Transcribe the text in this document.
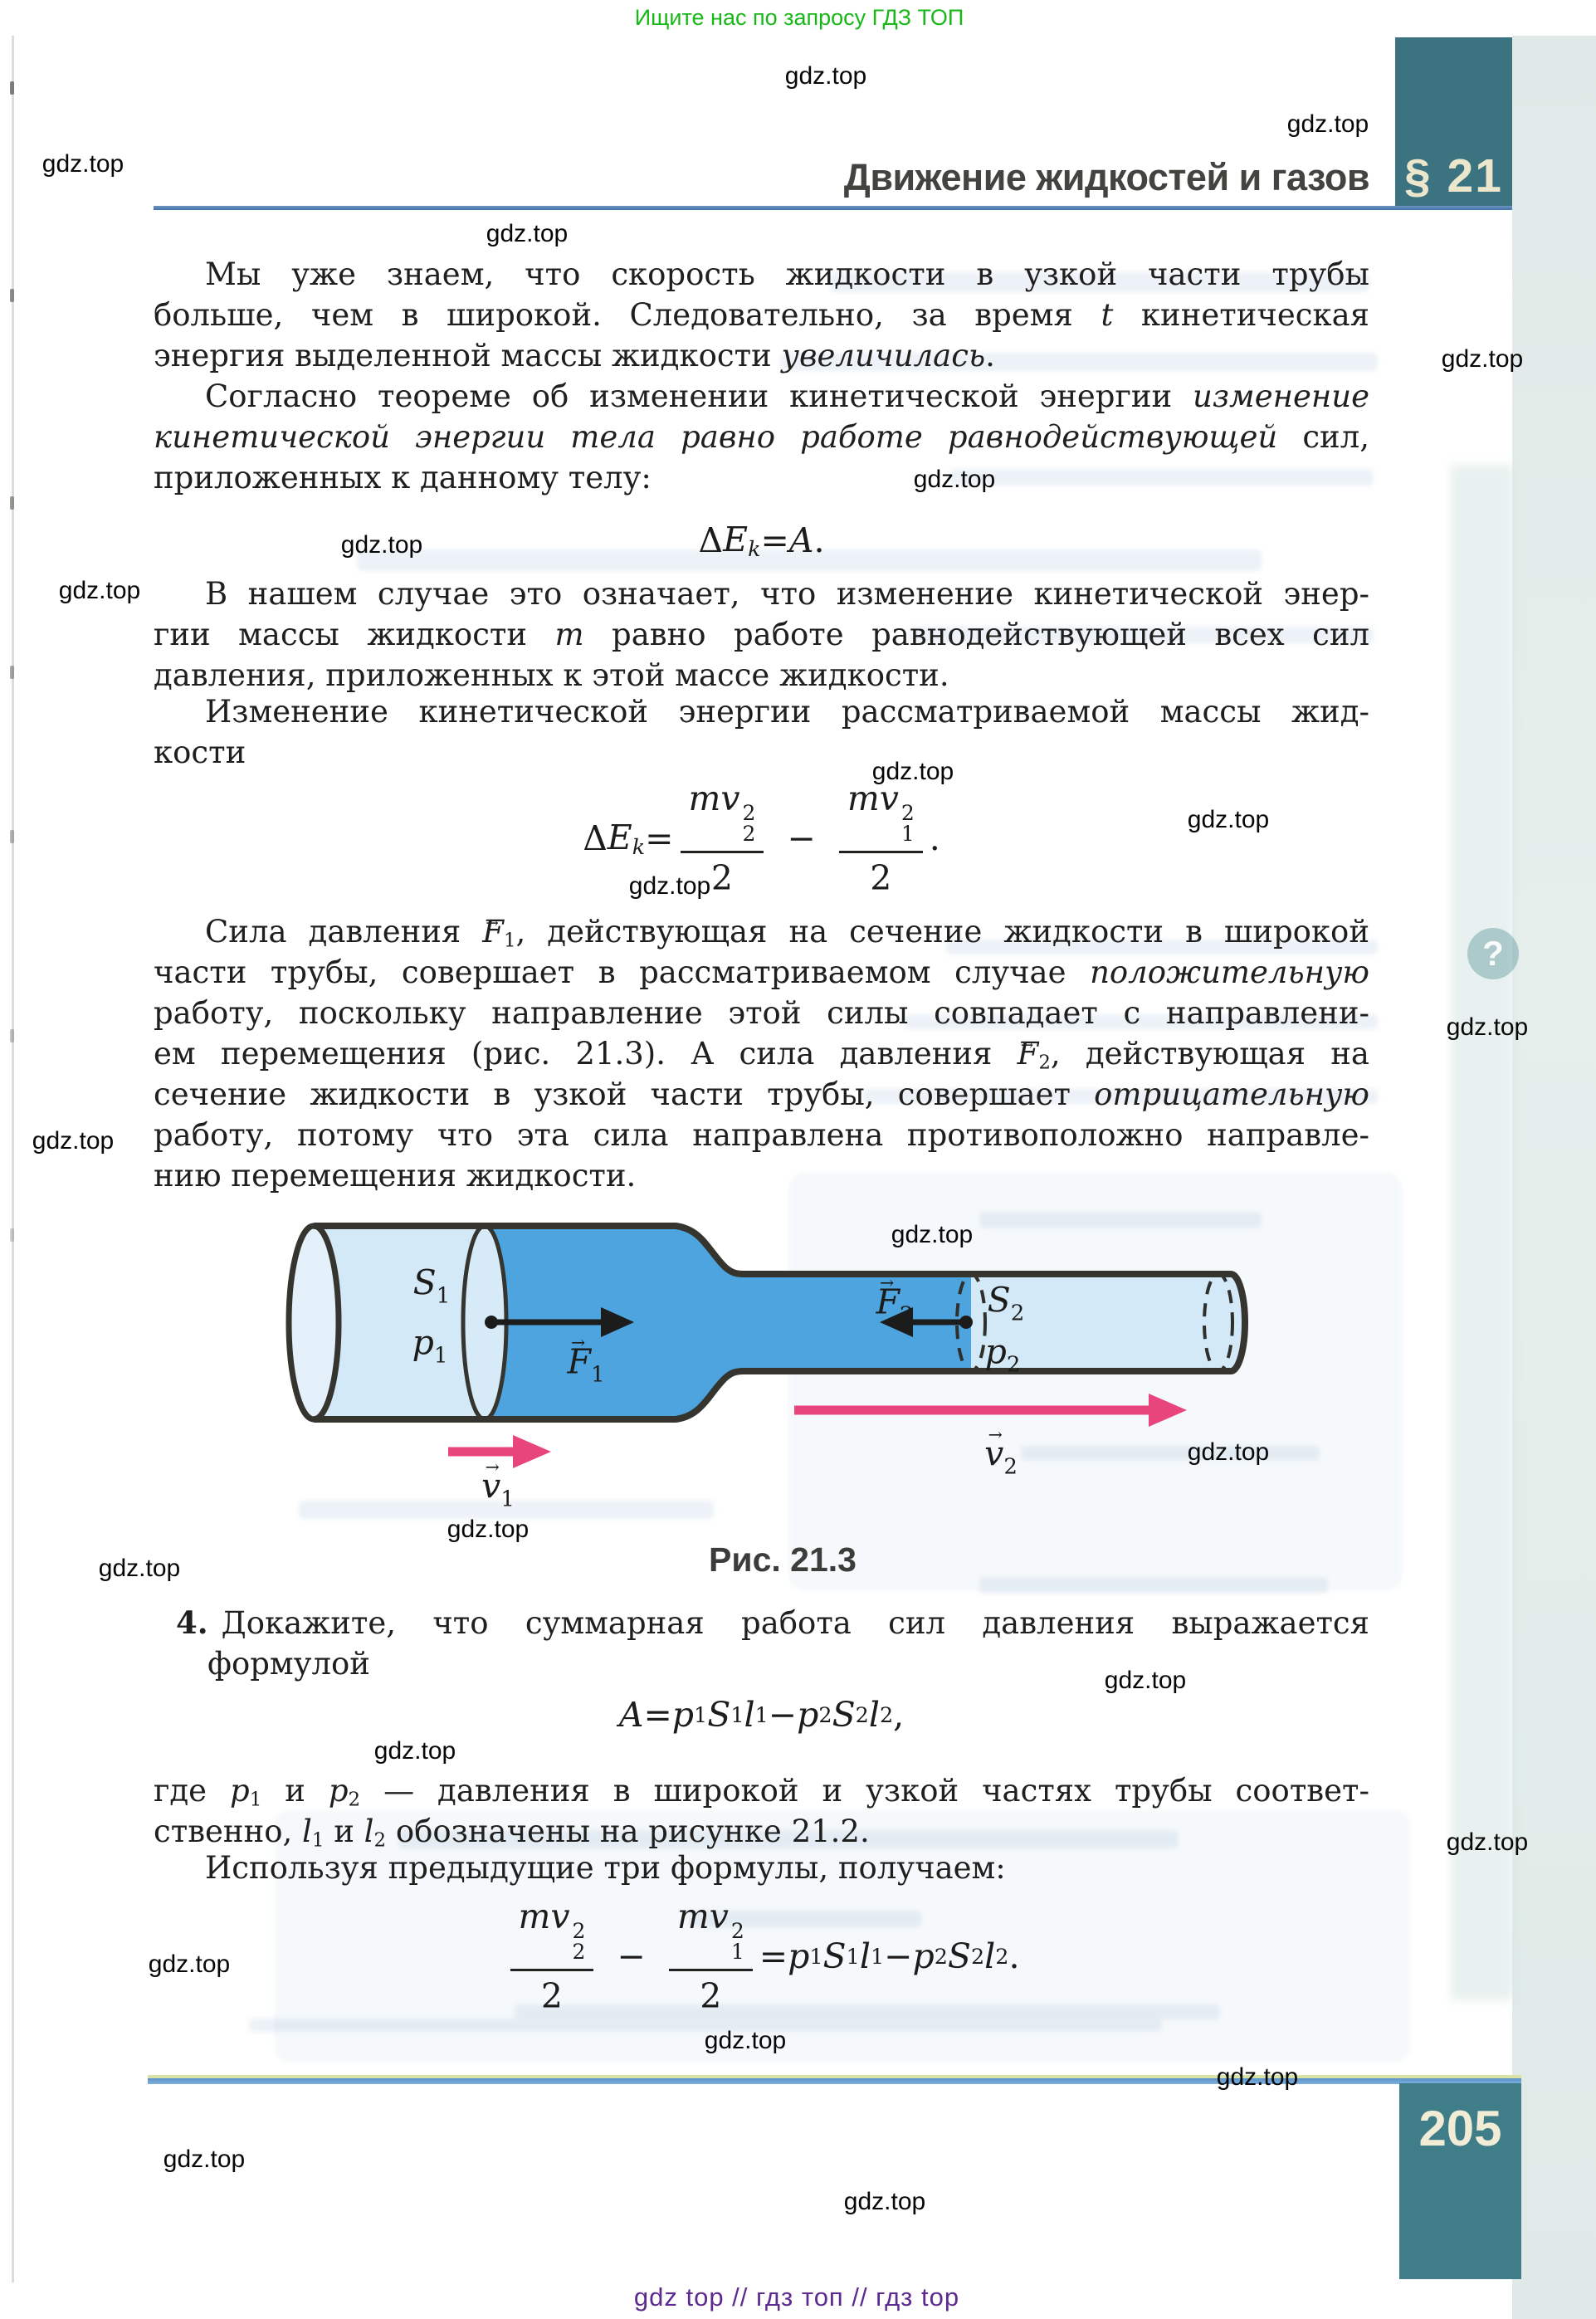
Ищите нас по запросу ГДЗ ТОП
Движение жидкостей и газов § 21
Мы уже знаем, что скорость жидкости в узкой части трубы
больше, чем в широкой. Следовательно, за время t кинетическая
энергия выделенной массы жидкости увеличилась.
Согласно теореме об изменении кинетической энергии изменение
кинетической энергии тела равно работе равнодействующей сил,
приложенных к данному телу:
Δ $E_k = A$ .
В нашем случае это означает, что изменение кинетической энер-
гии массы жидкости m равно работе равнодействующей всех сил
давления, приложенных к этой массе жидкости.
Изменение кинетической энергии рассматриваемой массы жид-
кости
Δ $E_k$ = mv 2
2
2 − mv 2
1
2 .
Сила давления $F \to_1$, действующая на сечение жидкости в широкой
части трубы, совершает в рассматриваемом случае положительную
работу, поскольку направление этой силы совпадает с направлени-
ем перемещения (рис. 21.3). А сила давления $F \to_2$, действующая на
сечение жидкости в узкой части трубы, совершает отрицательную
работу, потому что эта сила направлена противоположно направле-
нию перемещения жидкости.
$S_1$
$p_1$	$F \to_1$
$F \to_2$ $S_2$
$p_2$
$v \to_1$
$v \to_2$
Рис. 21.3
4. Докажите, что суммарная работа сил давления выражается
формулой
A = p 1 S 1 l 1 − p 2 S 2 l 2 ,
где $p_1$ и $p_2$ — давления в широкой и узкой частях трубы соответ-
ственно, $l_1$ и $l_2$ обозначены на рисунке 21.2.
Используя предыдущие три формулы, получаем:
mv 2
2
2 − mv 2
1
2 = p 1 S 1 l 1 − p 2 S 2 l 2 .
205
?
gdz top // гдз топ // гдз top
gdz.top
gdz.top
gdz.top
gdz.top
gdz.top
gdz.top
gdz.top
gdz.top
gdz.top
gdz.top
gdz.top
gdz.top
gdz.top
gdz.top
gdz.top
gdz.top
gdz.top
gdz.top
gdz.top
gdz.top
gdz.top
gdz.top
gdz.top
gdz.top
gdz.top
